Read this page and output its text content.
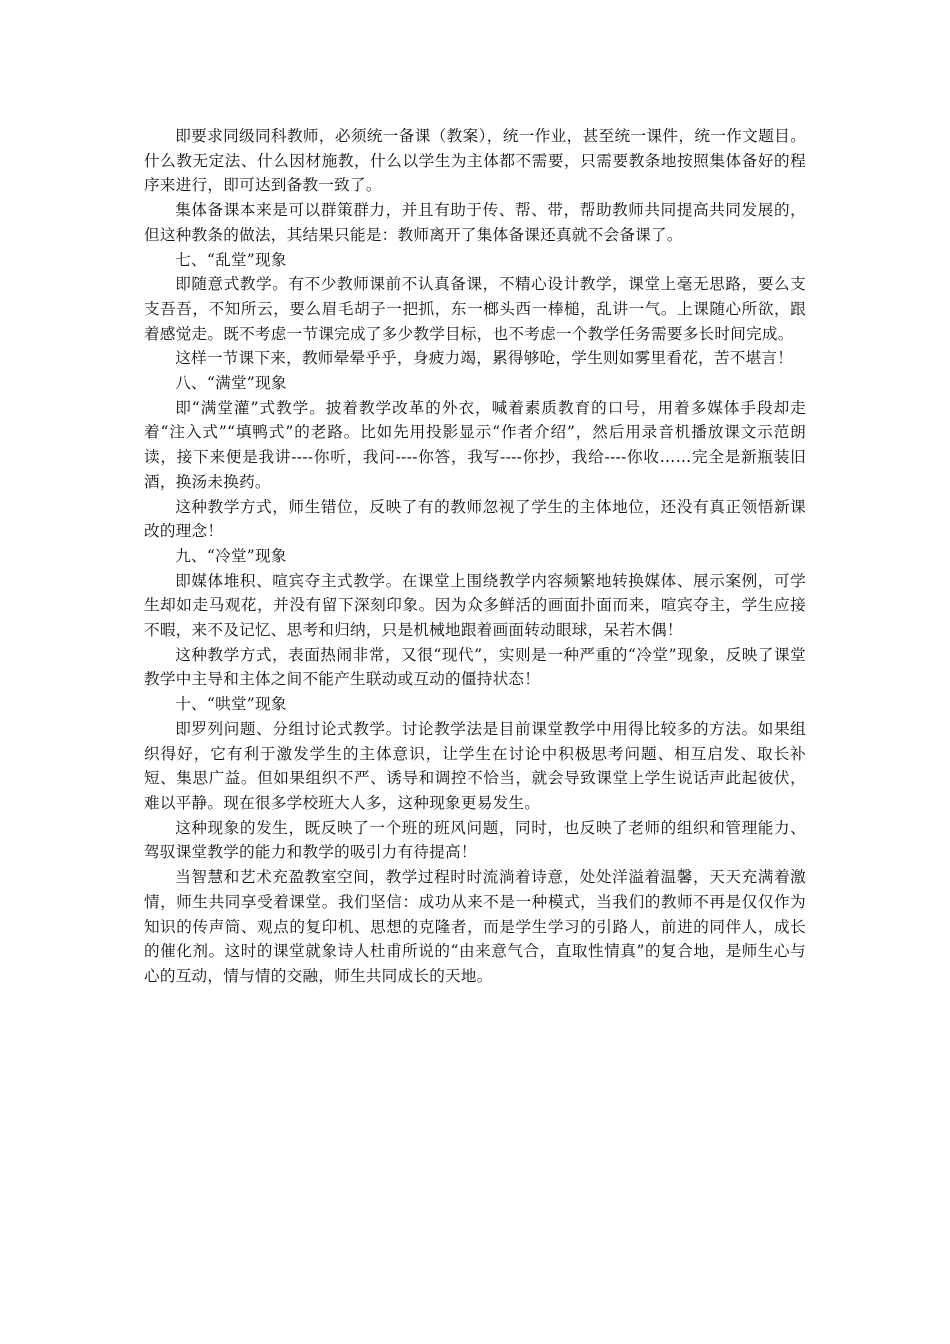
即要求同级同科教师，必须统一备课（教案），统一作业，甚至统一课件，统一作文题目。什么教无定法、什么因材施教，什么以学生为主体都不需要，只需要教条地按照集体备好的程序来进行，即可达到备教一致了。

集体备课本来是可以群策群力，并且有助于传、帮、带，帮助教师共同提高共同发展的，但这种教条的做法，其结果只能是：教师离开了集体备课还真就不会备课了。

七、“乱堂”现象

即随意式教学。有不少教师课前不认真备课，不精心设计教学，课堂上毫无思路，要么支支吾吾，不知所云，要么眉毛胡子一把抓，东一榔头西一棒槌，乱讲一气。上课随心所欲，跟着感觉走。既不考虑一节课完成了多少教学目标，也不考虑一个教学任务需要多长时间完成。

这样一节课下来，教师晕晕乎乎，身疲力竭，累得够呛，学生则如雾里看花，苦不堪言！

八、“满堂”现象

即“满堂灌”式教学。披着教学改革的外衣，喊着素质教育的口号，用着多媒体手段却走着“注入式”“填鸭式”的老路。比如先用投影显示“作者介绍”，然后用录音机播放课文示范朗读，接下来便是我讲----你听，我问----你答，我写----你抄，我给----你收……完全是新瓶装旧酒，换汤未换药。

这种教学方式，师生错位，反映了有的教师忽视了学生的主体地位，还没有真正领悟新课改的理念！

九、“冷堂”现象

即媒体堆积、喧宾夺主式教学。在课堂上围绕教学内容频繁地转换媒体、展示案例，可学生却如走马观花，并没有留下深刻印象。因为众多鲜活的画面扑面而来，喧宾夺主，学生应接不暇，来不及记忆、思考和归纳，只是机械地跟着画面转动眼球，呆若木偶！

这种教学方式，表面热闹非常，又很“现代”，实则是一种严重的“冷堂”现象，反映了课堂教学中主导和主体之间不能产生联动或互动的僵持状态！

十、“哄堂”现象

即罗列问题、分组讨论式教学。讨论教学法是目前课堂教学中用得比较多的方法。如果组织得好，它有利于激发学生的主体意识，让学生在讨论中积极思考问题、相互启发、取长补短、集思广益。但如果组织不严、诱导和调控不恰当，就会导致课堂上学生说话声此起彼伏，难以平静。现在很多学校班大人多，这种现象更易发生。

这种现象的发生，既反映了一个班的班风问题，同时，也反映了老师的组织和管理能力、驾驭课堂教学的能力和教学的吸引力有待提高！

当智慧和艺术充盈教室空间，教学过程时时流淌着诗意，处处洋溢着温馨，天天充满着激情，师生共同享受着课堂。我们坚信：成功从来不是一种模式，当我们的教师不再是仅仅作为知识的传声筒、观点的复印机、思想的克隆者，而是学生学习的引路人，前进的同伴人，成长的催化剂。这时的课堂就象诗人杜甫所说的“由来意气合，直取性情真”的复合地，是师生心与心的互动，情与情的交融，师生共同成长的天地。
